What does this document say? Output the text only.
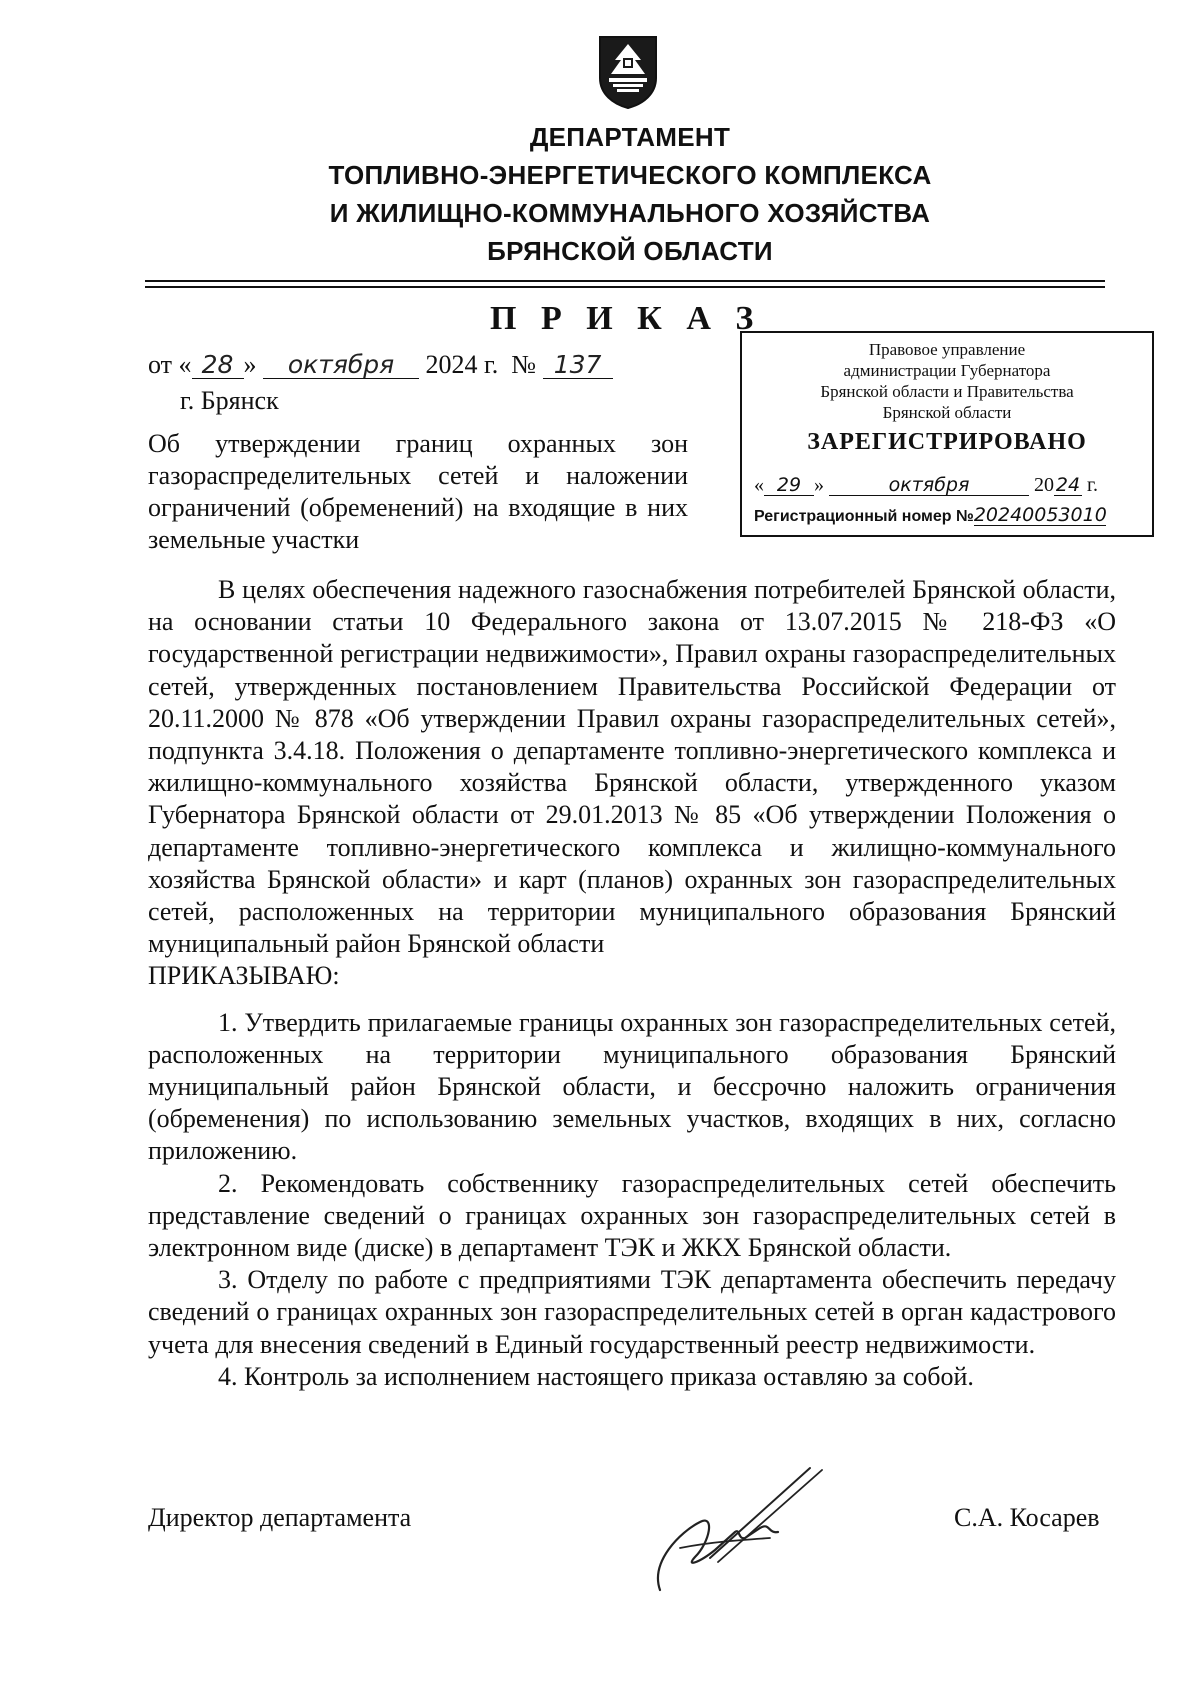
ДЕПАРТАМЕНТ
ТОПЛИВНО-ЭНЕРГЕТИЧЕСКОГО КОМПЛЕКСА
И ЖИЛИЩНО-КОММУНАЛЬНОГО ХОЗЯЙСТВА
БРЯНСКОЙ ОБЛАСТИ
П Р И К А З
от « 28 » октября 2024 г. № 137
г. Брянск
Об утверждении границ охранных зон газораспределительных сетей и наложении ограничений (обременений) на входящие в них земельные участки
Правовое управление
администрации Губернатора
Брянской области и Правительства
Брянской области
ЗАРЕГИСТРИРОВАНО
« 29 »	октября	20 24 г.
Регистрационный номер №20240053010

В целях обеспечения надежного газоснабжения потребителей Брянской области, на основании статьи 10 Федерального закона от 13.07.2015 № 218-ФЗ «О государственной регистрации недвижимости», Правил охраны газораспределительных сетей, утвержденных постановлением Правительства Российской Федерации от 20.11.2000 № 878 «Об утверждении Правил охраны газораспределительных сетей», подпункта 3.4.18. Положения о департаменте топливно-энергетического комплекса и жилищно-коммунального хозяйства Брянской области, утвержденного указом Губернатора Брянской области от 29.01.2013 № 85 «Об утверждении Положения о департаменте топливно-энергетического комплекса и жилищно-коммунального хозяйства Брянской области» и карт (планов) охранных зон газораспределительных сетей, расположенных на территории муниципального образования Брянский муниципальный район Брянской области

ПРИКАЗЫВАЮ:

1. Утвердить прилагаемые границы охранных зон газораспределительных сетей, расположенных на территории муниципального образования Брянский муниципальный район Брянской области, и бессрочно наложить ограничения (обременения) по использованию земельных участков, входящих в них, согласно приложению.

2. Рекомендовать собственнику газораспределительных сетей обеспечить представление сведений о границах охранных зон газораспределительных сетей в электронном виде (диске) в департамент ТЭК и ЖКХ Брянской области.

3. Отделу по работе с предприятиями ТЭК департамента обеспечить передачу сведений о границах охранных зон газораспределительных сетей в орган кадастрового учета для внесения сведений в Единый государственный реестр недвижимости.

4. Контроль за исполнением настоящего приказа оставляю за собой.

Директор департамента	С.А. Косарев
